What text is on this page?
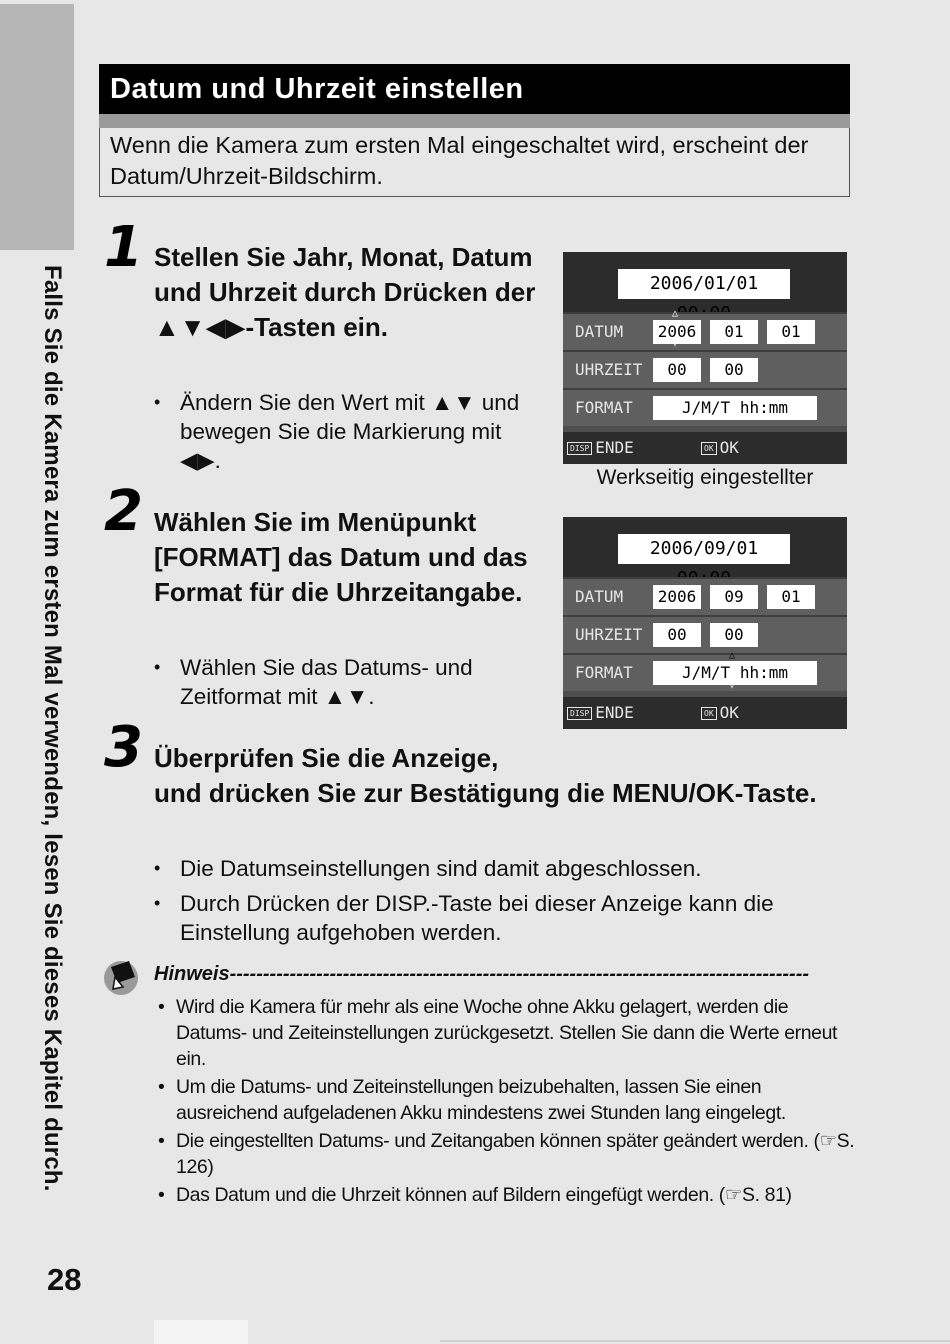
Falls Sie die Kamera zum ersten Mal verwenden, lesen Sie dieses Kapitel durch.
28
Datum und Uhrzeit einstellen
Wenn die Kamera zum ersten Mal eingeschaltet wird, erscheint der Datum/Uhrzeit-Bildschirm.
1 Stellen Sie Jahr, Monat, Datum und Uhrzeit durch Drücken der ▲▼◀▶-Tasten ein.
• Ändern Sie den Wert mit ▲▼ und bewegen Sie die Markierung mit ◀▶.
2 Wählen Sie im Menüpunkt [FORMAT] das Datum und das Format für die Uhrzeitangabe.
• Wählen Sie das Datums- und Zeitformat mit ▲▼.
3 Überprüfen Sie die Anzeige,
und drücken Sie zur Bestätigung die MENU/OK-Taste.
• Die Datumseinstellungen sind damit abgeschlossen.
• Durch Drücken der DISP.-Taste bei dieser Anzeige kann die Einstellung aufgehoben werden.
2006/01/01
DATUM 2006	01	01
△
▽
UHRZEIT	00	00
FORMAT	J/M/T hh:mm
DISP ENDE	OK OK
Werkseitig eingestellter
2006/09/01
DATUM 2006	09	01
UHRZEIT	00	00
FORMAT	J/M/T hh:mm
△
▽
DISP ENDE	OK OK
Hinweis---------------------------------------------------------------------------------------
• Wird die Kamera für mehr als eine Woche ohne Akku gelagert, werden die Datums- und Zeiteinstellungen zurückgesetzt. Stellen Sie dann die Werte erneut ein.
• Um die Datums- und Zeiteinstellungen beizubehalten, lassen Sie einen ausreichend aufgeladenen Akku mindestens zwei Stunden lang eingelegt.
• Die eingestellten Datums- und Zeitangaben können später geändert werden. (☞S. 126)
• Das Datum und die Uhrzeit können auf Bildern eingefügt werden. (☞S. 81)
